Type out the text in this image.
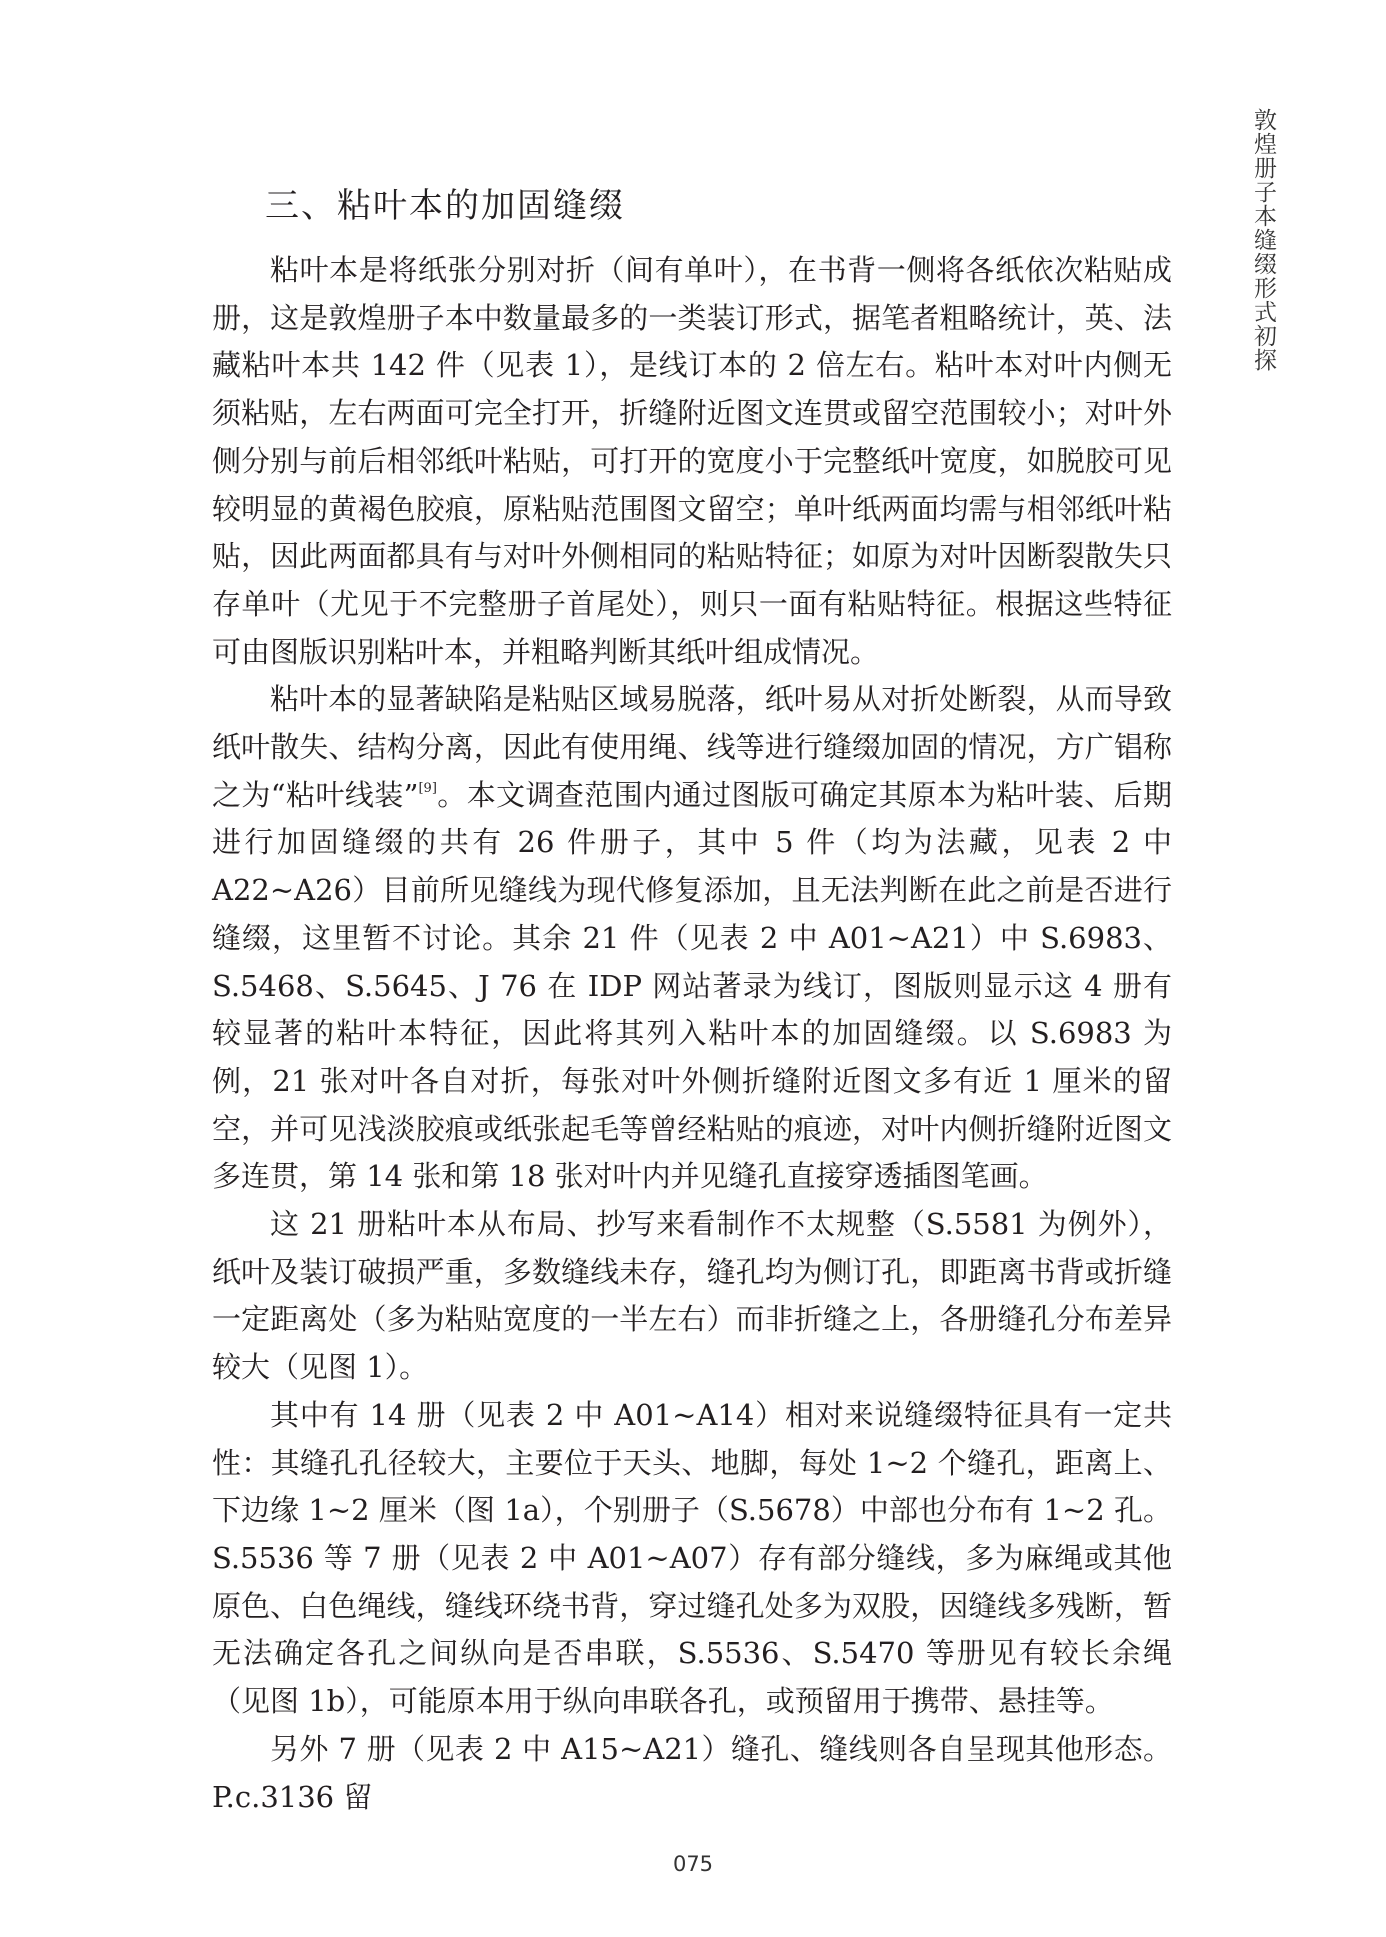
敦煌册子本缝缀形式初探
三、粘叶本的加固缝缀

粘叶本是将纸张分别对折（间有单叶），在书背一侧将各纸依次粘贴成册，这是敦煌册子本中数量最多的一类装订形式，据笔者粗略统计，英、法藏粘叶本共 142 件（见表 1），是线订本的 2 倍左右。粘叶本对叶内侧无须粘贴，左右两面可完全打开，折缝附近图文连贯或留空范围较小；对叶外侧分别与前后相邻纸叶粘贴，可打开的宽度小于完整纸叶宽度，如脱胶可见较明显的黄褐色胶痕，原粘贴范围图文留空；单叶纸两面均需与相邻纸叶粘贴，因此两面都具有与对叶外侧相同的粘贴特征；如原为对叶因断裂散失只存单叶（尤见于不完整册子首尾处），则只一面有粘贴特征。根据这些特征可由图版识别粘叶本，并粗略判断其纸叶组成情况。

粘叶本的显著缺陷是粘贴区域易脱落，纸叶易从对折处断裂，从而导致纸叶散失、结构分离，因此有使用绳、线等进行缝缀加固的情况，方广锠称之为“粘叶线装”[9]。本文调查范围内通过图版可确定其原本为粘叶装、后期进行加固缝缀的共有 26 件册子，其中 5 件（均为法藏，见表 2 中 A22~A26）目前所见缝线为现代修复添加，且无法判断在此之前是否进行缝缀，这里暂不讨论。其余 21 件（见表 2 中 A01~A21）中 S.6983、S.5468、S.5645、J 76 在 IDP 网站著录为线订，图版则显示这 4 册有较显著的粘叶本特征，因此将其列入粘叶本的加固缝缀。以 S.6983 为例，21 张对叶各自对折，每张对叶外侧折缝附近图文多有近 1 厘米的留空，并可见浅淡胶痕或纸张起毛等曾经粘贴的痕迹，对叶内侧折缝附近图文多连贯，第 14 张和第 18 张对叶内并见缝孔直接穿透插图笔画。

这 21 册粘叶本从布局、抄写来看制作不太规整（S.5581 为例外），纸叶及装订破损严重，多数缝线未存，缝孔均为侧订孔，即距离书背或折缝一定距离处（多为粘贴宽度的一半左右）而非折缝之上，各册缝孔分布差异较大（见图 1）。

其中有 14 册（见表 2 中 A01~A14）相对来说缝缀特征具有一定共性：其缝孔孔径较大，主要位于天头、地脚，每处 1~2 个缝孔，距离上、下边缘 1~2 厘米（图 1a），个别册子（S.5678）中部也分布有 1~2 孔。S.5536 等 7 册（见表 2 中 A01~A07）存有部分缝线，多为麻绳或其他原色、白色绳线，缝线环绕书背，穿过缝孔处多为双股，因缝线多残断，暂无法确定各孔之间纵向是否串联，S.5536、S.5470 等册见有较长余绳（见图 1b），可能原本用于纵向串联各孔，或预留用于携带、悬挂等。

另外 7 册（见表 2 中 A15~A21）缝孔、缝线则各自呈现其他形态。P.c.3136 留

075
